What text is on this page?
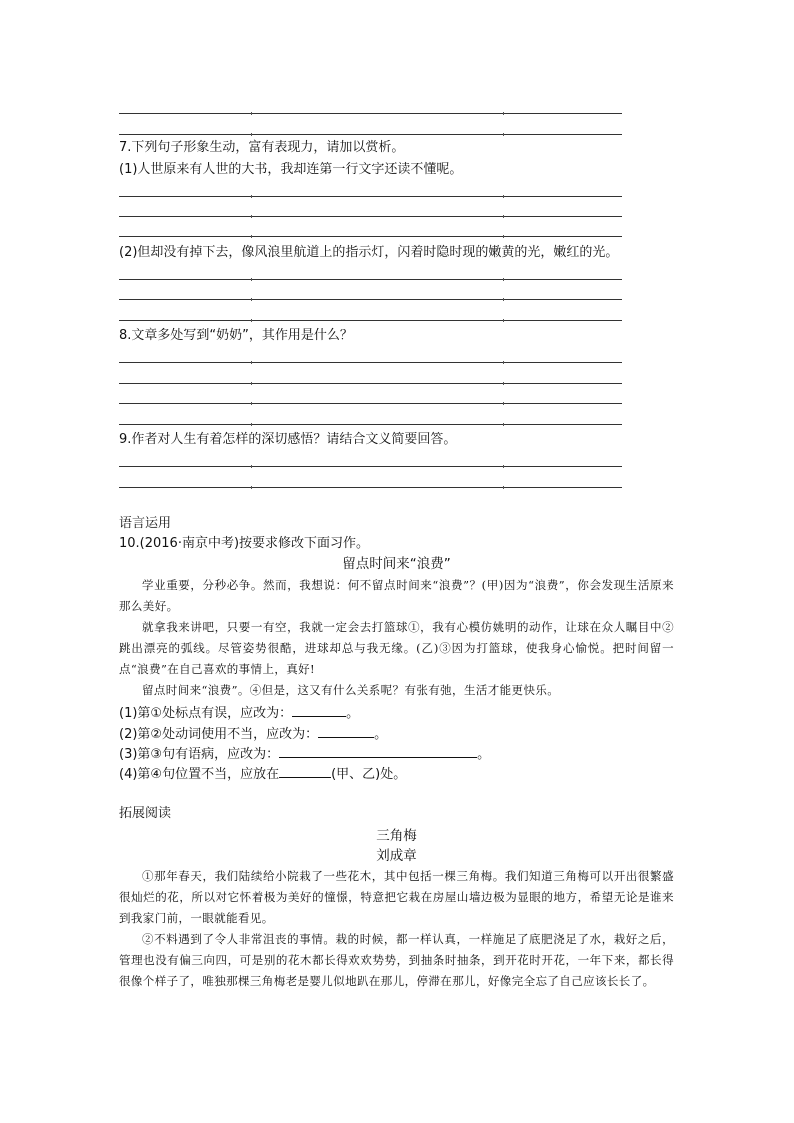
7.下列句子形象生动，富有表现力，请加以赏析。
(1)人世原来有人世的大书，我却连第一行文字还读不懂呢。
(2)但却没有掉下去，像风浪里航道上的指示灯，闪着时隐时现的嫩黄的光，嫩红的光。
8.文章多处写到“奶奶”，其作用是什么？
9.作者对人生有着怎样的深切感悟？请结合文义简要回答。
语言运用
10.(2016·南京中考)按要求修改下面习作。
留点时间来“浪费”

学业重要，分秒必争。然而，我想说：何不留点时间来“浪费”？(甲)因为“浪费”，你会发现生活原来那么美好。

就拿我来讲吧，只要一有空，我就一定会去打篮球①，我有心模仿姚明的动作，让球在众人瞩目中②跳出漂亮的弧线。尽管姿势很酷，进球却总与我无缘。(乙)③因为打篮球，使我身心愉悦。把时间留一点“浪费”在自己喜欢的事情上，真好!

留点时间来“浪费”。④但是，这又有什么关系呢？有张有弛，生活才能更快乐。

(1)第①处标点有误，应改为：	。
(2)第②处动词使用不当，应改为：	。
(3)第③句有语病，应改为：	。
(4)第④句位置不当，应放在	(甲、乙)处。
拓展阅读
三角梅
刘成章

①那年春天，我们陆续给小院栽了一些花木，其中包括一棵三角梅。我们知道三角梅可以开出很繁盛很灿烂的花，所以对它怀着极为美好的憧憬，特意把它栽在房屋山墙边极为显眼的地方，希望无论是谁来到我家门前，一眼就能看见。

②不料遇到了令人非常沮丧的事情。栽的时候，都一样认真，一样施足了底肥浇足了水，栽好之后，管理也没有偏三向四，可是别的花木都长得欢欢势势，到抽条时抽条，到开花时开花，一年下来，都长得很像个样子了，唯独那棵三角梅老是婴儿似地趴在那儿，停滞在那儿，好像完全忘了自己应该长长了。
